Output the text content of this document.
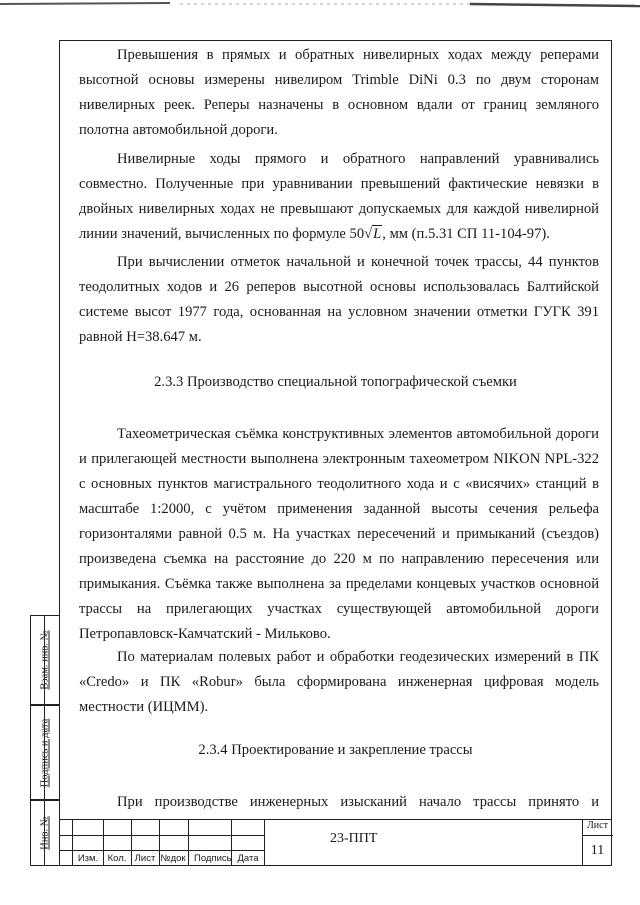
Превышения в прямых и обратных нивелирных ходах между реперами высотной основы измерены нивелиром Trimble DiNi 0.3 по двум сторонам нивелирных реек. Реперы назначены в основном вдали от границ земляного полотна автомобильной дороги.

Нивелирные ходы прямого и обратного направлений уравнивались совместно. Полученные при уравнивании превышений фактические невязки в двойных нивелирных ходах не превышают допускаемых для каждой нивелирной линии значений, вычисленных по формуле 50√L, мм (п.5.31 СП 11-104-97).

При вычислении отметок начальной и конечной точек трассы, 44 пунктов теодолитных ходов и 26 реперов высотной основы использовалась Балтийской системе высот 1977 года, основанная на условном значении отметки ГУГК 391 равной Н=38.647 м.

2.3.3 Производство специальной топографической съемки

Тахеометрическая съёмка конструктивных элементов автомобильной дороги и прилегающей местности выполнена электронным тахеометром NIKON NPL-322 с основных пунктов магистрального теодолитного хода и с «висячих» станций в масштабе 1:2000, с учётом применения заданной высоты сечения рельефа горизонталями равной 0.5 м. На участках пересечений и примыканий (съездов) произведена съемка на расстояние до 220 м по направлению пересечения или примыкания. Съёмка также выполнена за пределами концевых участков основной трассы на прилегающих участках существующей автомобильной дороги Петропавловск-Камчатский - Мильково.

По материалам полевых работ и обработки геодезических измерений в ПК «Credo» и ПК «Robur» была сформирована инженерная цифровая модель местности (ИЦММ).

2.3.4 Проектирование и закрепление трассы

При производстве инженерных изысканий начало трассы принято и

Взам. инв. №
Подпись и дата
Инв. №
Изм. Кол. Лист №док Подпись Дата
23-ППТ
Лист
11
